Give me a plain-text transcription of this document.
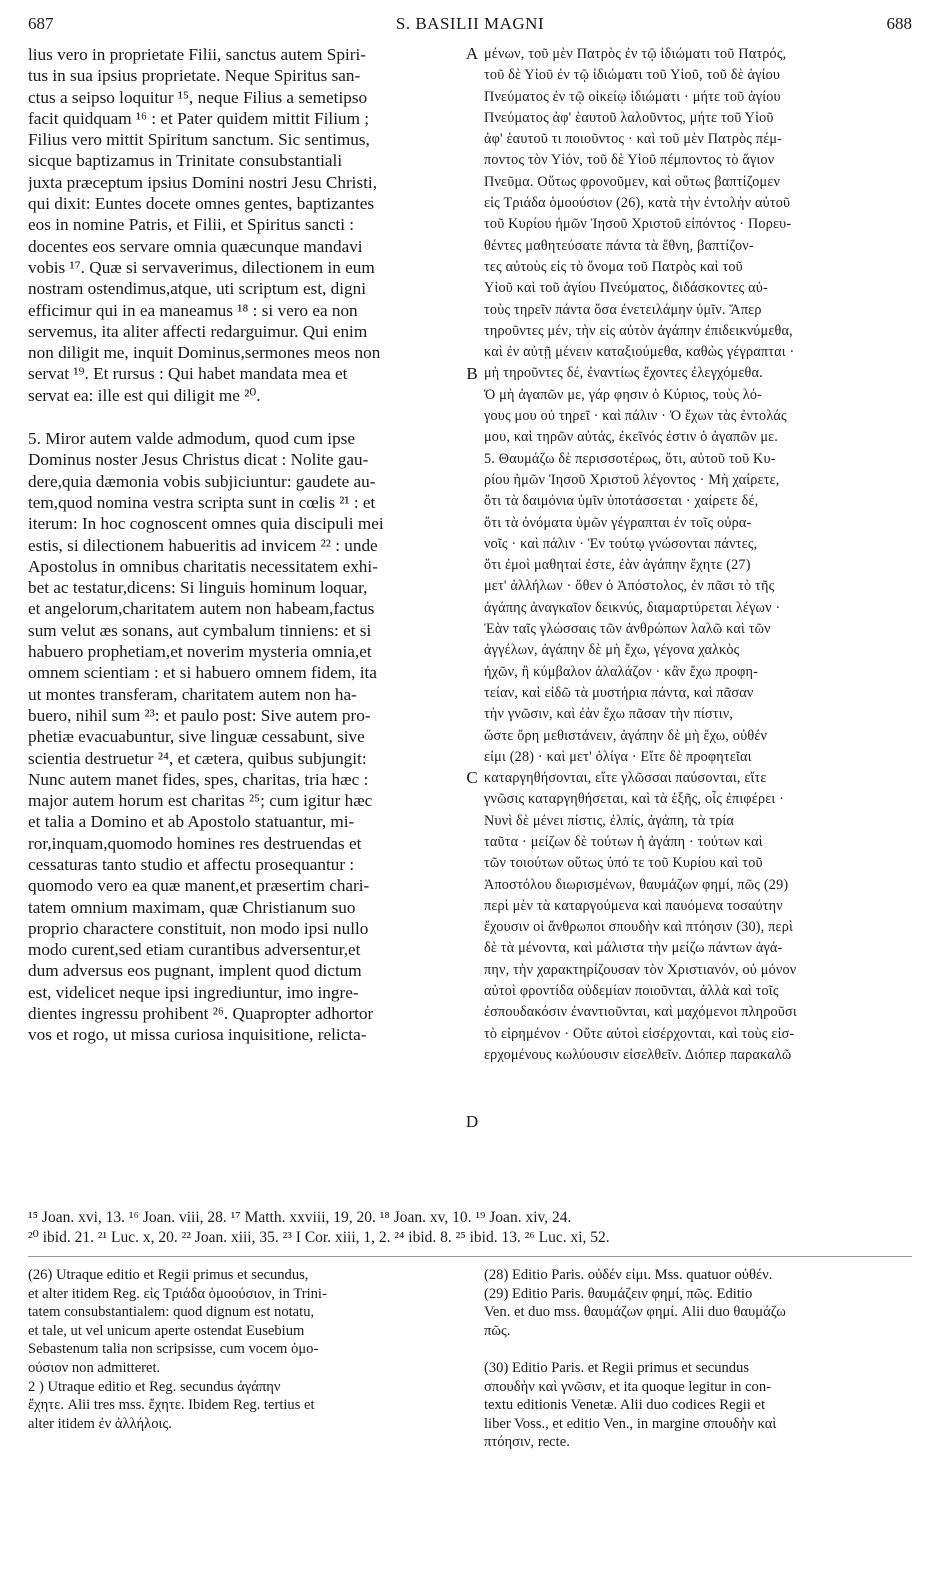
687	S. BASILII MAGNI	688
lius vero in proprietate Filii, sanctus autem Spiri-
tus in sua ipsius proprietate. Neque Spiritus san-
ctus a seipso loquitur ¹⁵, neque Filius a semetipso
facit quidquam ¹⁶ : et Pater quidem mittit Filium ;
Filius vero mittit Spiritum sanctum. Sic sentimus,
sicque baptizamus in Trinitate consubstantiali
juxta præceptum ipsius Domini nostri Jesu Christi,
qui dixit: Euntes docete omnes gentes, baptizantes
eos in nomine Patris, et Filii, et Spiritus sancti :
docentes eos servare omnia quæcunque mandavi
vobis ¹⁷. Quæ si servaverimus, dilectionem in eum
nostram ostendimus,atque, uti scriptum est, digni
efficimur qui in ea maneamus ¹⁸ : si vero ea non
servemus, ita aliter affecti redarguimur. Qui enim
non diligit me, inquit Dominus,sermones meos non
servat ¹⁹. Et rursus : Qui habet mandata mea et
servat ea: ille est qui diligit me ²⁰.
5. Miror autem valde admodum, quod cum ipse
Dominus noster Jesus Christus dicat : Nolite gau-
dere,quia dæmonia vobis subjiciuntur: gaudete au-
tem,quod nomina vestra scripta sunt in cœlis ²¹ : et
iterum: In hoc cognoscent omnes quia discipuli mei
estis, si dilectionem habueritis ad invicem ²² : unde
Apostolus in omnibus charitatis necessitatem exhi-
bet ac testatur,dicens: Si linguis hominum loquar,
et angelorum,charitatem autem non habeam,factus
sum velut æs sonans, aut cymbalum tinniens: et si
habuero prophetiam,et noverim mysteria omnia,et
omnem scientiam : et si habuero omnem fidem, ita
ut montes transferam, charitatem autem non ha-
buero, nihil sum ²³: et paulo post: Sive autem pro-
phetiæ evacuabuntur, sive linguæ cessabunt, sive
scientia destruetur ²⁴, et cætera, quibus subjungit:
Nunc autem manet fides, spes, charitas, tria hæc :
major autem horum est charitas ²⁵; cum igitur hæc
et talia a Domino et ab Apostolo statuantur, mi-
ror,inquam,quomodo homines res destruendas et
cessaturas tanto studio et affectu prosequantur :
quomodo vero ea quæ manent,et præsertim chari-
tatem omnium maximam, quæ Christianum suo
proprio charactere constituit, non modo ipsi nullo
modo curent,sed etiam curantibus adversentur,et
dum adversus eos pugnant, implent quod dictum
est, videlicet neque ipsi ingrediuntur, imo ingre-
dientes ingressu prohibent ²⁶. Quapropter adhortor
vos et rogo, ut missa curiosa inquisitione, relicta-
μένων, τοῦ μὲν Πατρὸς ἐν τῷ ἰδιώματι τοῦ Πατρός,
τοῦ δὲ Υἱοῦ ἐν τῷ ἰδιώματι τοῦ Υἱοῦ, τοῦ δὲ ἁγίου
Πνεύματος ἐν τῷ οἰκείῳ ἰδιώματι · μήτε τοῦ ἁγίου
Πνεύματος ἀφ' ἑαυτοῦ λαλοῦντος, μήτε τοῦ Υἱοῦ
ἀφ' ἑαυτοῦ τι ποιοῦντος · καὶ τοῦ μὲν Πατρὸς πέμ-
ποντος τὸν Υἱόν, τοῦ δὲ Υἱοῦ πέμποντος τὸ ἅγιον
Πνεῦμα. Οὕτως φρονοῦμεν, καὶ οὕτως βαπτίζομεν
εἰς Τριάδα ὁμοούσιον (26), κατὰ τὴν ἐντολὴν αὐτοῦ
τοῦ Κυρίου ἡμῶν Ἰησοῦ Χριστοῦ εἰπόντος · Πορευ-
θέντες μαθητεύσατε πάντα τὰ ἔθνη, βαπτίζον-
τες αὐτοὺς εἰς τὸ ὄνομα τοῦ Πατρὸς καὶ τοῦ
Υἱοῦ καὶ τοῦ ἁγίου Πνεύματος, διδάσκοντες αὐ-
τοὺς τηρεῖν πάντα ὅσα ἐνετειλάμην ὑμῖν. Ἅπερ
τηροῦντες μέν, τὴν εἰς αὐτὸν ἀγάπην ἐπιδεικνύμεθα,
καὶ ἐν αὐτῇ μένειν καταξιούμεθα, καθὼς γέγραπται ·
μὴ τηροῦντες δέ, ἐναντίως ἔχοντες ἐλεγχόμεθα.
Ὁ μὴ ἀγαπῶν με, γάρ φησιν ὁ Κύριος, τοὺς λό-
γους μου οὐ τηρεῖ · καὶ πάλιν · Ὁ ἔχων τὰς ἐντολάς
μου, καὶ τηρῶν αὐτάς, ἐκεῖνός ἐστιν ὁ ἀγαπῶν με.
5. Θαυμάζω δὲ περισσοτέρως, ὅτι, αὐτοῦ τοῦ Κυ-
ρίου ἡμῶν Ἰησοῦ Χριστοῦ λέγοντος · Μὴ χαίρετε,
ὅτι τὰ δαιμόνια ὑμῖν ὑποτάσσεται · χαίρετε δέ,
ὅτι τὰ ὀνόματα ὑμῶν γέγραπται ἐν τοῖς οὐρα-
νοῖς · καὶ πάλιν · Ἐν τούτῳ γνώσονται πάντες,
ὅτι ἐμοὶ μαθηταί ἐστε, ἐὰν ἀγάπην ἔχητε (27)
μετ' ἀλλήλων · ὅθεν ὁ Ἀπόστολος, ἐν πᾶσι τὸ τῆς
ἀγάπης ἀναγκαῖον δεικνύς, διαμαρτύρεται λέγων ·
Ἐὰν ταῖς γλώσσαις τῶν ἀνθρώπων λαλῶ καὶ τῶν
ἀγγέλων, ἀγάπην δὲ μὴ ἔχω, γέγονα χαλκὸς
ἠχῶν, ἢ κύμβαλον ἀλαλάζον · κἂν ἔχω προφη-
τείαν, καὶ εἰδῶ τὰ μυστήρια πάντα, καὶ πᾶσαν
τὴν γνῶσιν, καὶ ἐὰν ἔχω πᾶσαν τὴν πίστιν,
ὥστε ὄρη μεθιστάνειν, ἀγάπην δὲ μὴ ἔχω, οὐθέν
εἰμι (28) · καὶ μετ' ὀλίγα · Εἴτε δὲ προφητεῖαι
καταργηθήσονται, εἴτε γλῶσσαι παύσονται, εἴτε
γνῶσις καταργηθήσεται, καὶ τὰ ἑξῆς, οἷς ἐπιφέρει ·
Νυνὶ δὲ μένει πίστις, ἐλπίς, ἀγάπη, τὰ τρία
ταῦτα · μείζων δὲ τούτων ἡ ἀγάπη · τούτων καὶ
τῶν τοιούτων οὕτως ὑπό τε τοῦ Κυρίου καὶ τοῦ
Ἀποστόλου διωρισμένων, θαυμάζων φημί, πῶς (29)
περὶ μὲν τὰ καταργούμενα καὶ παυόμενα τοσαύτην
ἔχουσιν οἱ ἄνθρωποι σπουδὴν καὶ πτόησιν (30), περὶ
δὲ τὰ μένοντα, καὶ μάλιστα τὴν μείζω πάντων ἀγά-
πην, τὴν χαρακτηρίζουσαν τὸν Χριστιανόν, οὐ μόνον
αὐτοὶ φροντίδα οὐδεμίαν ποιοῦνται, ἀλλὰ καὶ τοῖς
ἐσπουδακόσιν ἐναντιοῦνται, καὶ μαχόμενοι πληροῦσι
τὸ εἰρημένον · Οὔτε αὐτοὶ εἰσέρχονται, καὶ τοὺς εἰσ-
ερχομένους κωλύουσιν εἰσελθεῖν. Διόπερ παρακαλῶ
A
B
C
D
¹⁵ Joan. xvi, 13. ¹⁶ Joan. viii, 28. ¹⁷ Matth. xxviii, 19, 20. ¹⁸ Joan. xv, 10. ¹⁹ Joan. xiv, 24.
²⁰ ibid. 21. ²¹ Luc. x, 20. ²² Joan. xiii, 35. ²³ I Cor. xiii, 1, 2. ²⁴ ibid. 8. ²⁵ ibid. 13. ²⁶ Luc. xi, 52.
(26) Utraque editio et Regii primus et secundus,
et alter itidem Reg. εἰς Τριάδα ὁμοούσιον, in Trini-
tatem consubstantialem: quod dignum est notatu,
et tale, ut vel unicum aperte ostendat Eusebium
Sebastenum talia non scripsisse, cum vocem ὁμο-
ούσιον non admitteret.
2 ) Utraque editio et Reg. secundus ἀγάπην
ἔχητε. Alii tres mss. ἔχητε. Ibidem Reg. tertius et
alter itidem ἐν ἀλλήλοις.
(28) Editio Paris. οὐδέν εἰμι. Mss. quatuor οὐθέν.
(29) Editio Paris. θαυμάζειν φημί, πῶς. Editio
Ven. et duo mss. θαυμάζων φημί. Alii duo θαυμάζω
πῶς.
(30) Editio Paris. et Regii primus et secundus
σπουδὴν καὶ γνῶσιν, et ita quoque legitur in con-
textu editionis Venetæ. Alii duo codices Regii et
liber Voss., et editio Ven., in margine σπουδὴν καὶ
πτόησιν, recte.
